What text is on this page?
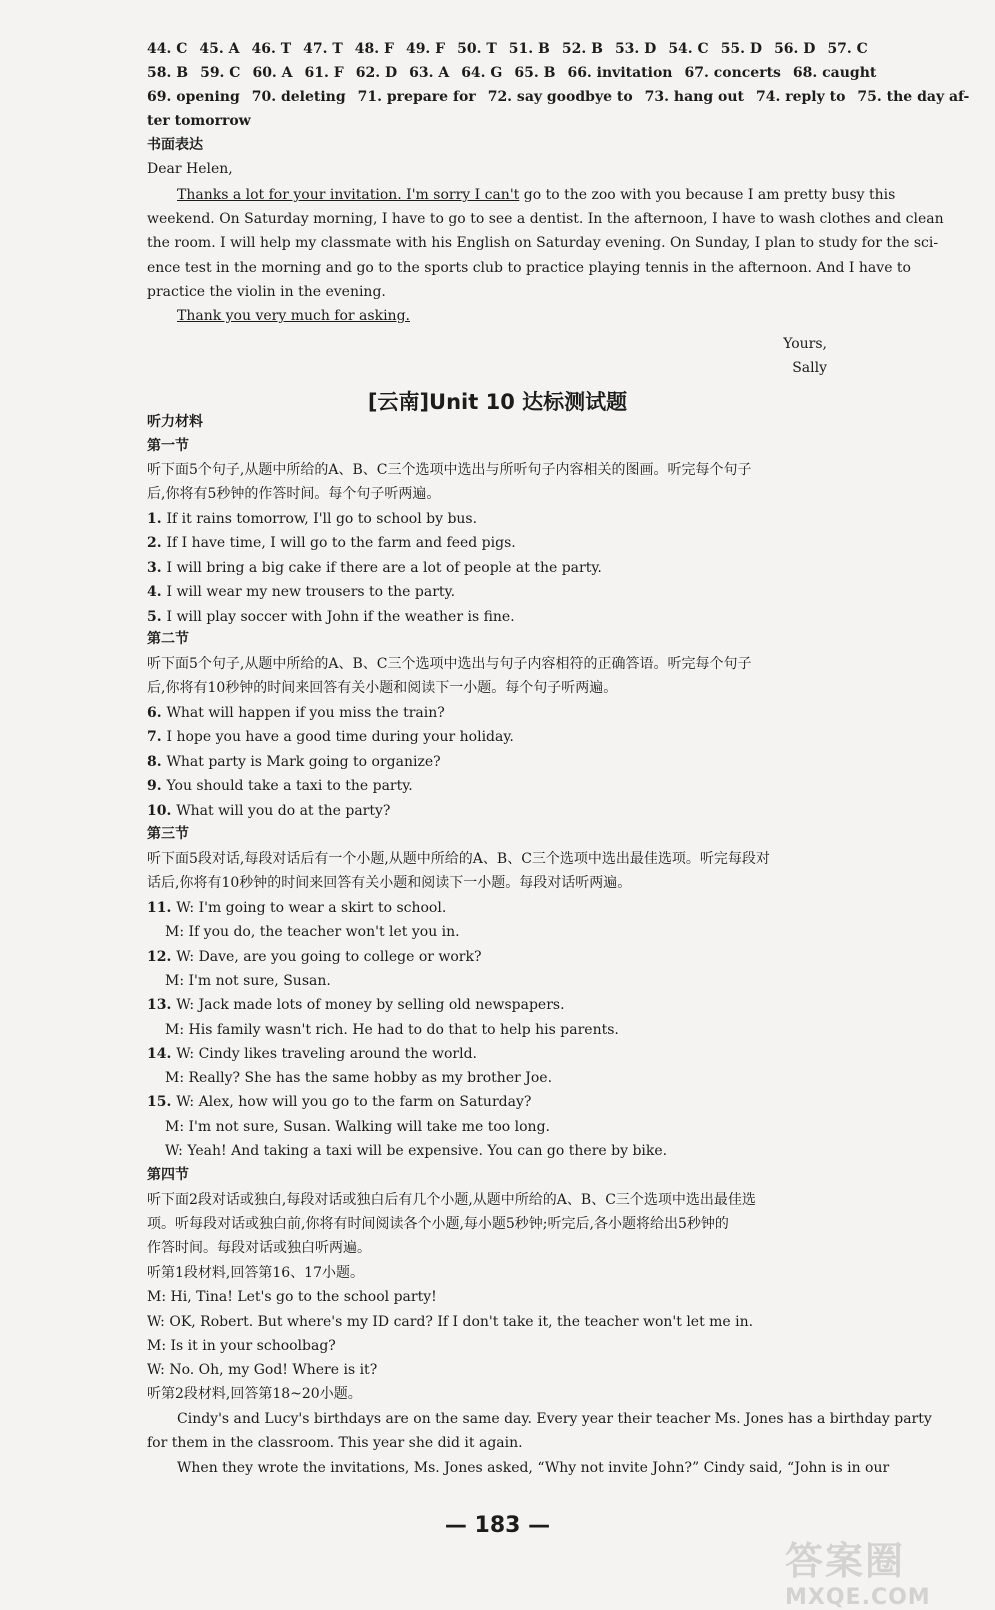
44. C 45. A 46. T 47. T 48. F 49. F 50. T 51. B 52. B 53. D 54. C 55. D 56. D 57. C
58. B 59. C 60. A 61. F 62. D 63. A 64. G 65. B 66. invitation 67. concerts 68. caught
69. opening 70. deleting 71. prepare for 72. say goodbye to 73. hang out 74. reply to 75. the day af-
ter tomorrow
书面表达
Dear Helen,
Thanks a lot for your invitation. I'm sorry I can't go to the zoo with you because I am pretty busy this
weekend. On Saturday morning, I have to go to see a dentist. In the afternoon, I have to wash clothes and clean
the room. I will help my classmate with his English on Saturday evening. On Sunday, I plan to study for the sci-
ence test in the morning and go to the sports club to practice playing tennis in the afternoon. And I have to
practice the violin in the evening.
Thank you very much for asking.
Yours,
Sally
[云南]Unit 10 达标测试题
听力材料
第一节
听下面5个句子,从题中所给的A、B、C三个选项中选出与所听句子内容相关的图画。听完每个句子
后,你将有5秒钟的作答时间。每个句子听两遍。
1. If it rains tomorrow, I'll go to school by bus.
2. If I have time, I will go to the farm and feed pigs.
3. I will bring a big cake if there are a lot of people at the party.
4. I will wear my new trousers to the party.
5. I will play soccer with John if the weather is fine.
第二节
听下面5个句子,从题中所给的A、B、C三个选项中选出与句子内容相符的正确答语。听完每个句子
后,你将有10秒钟的时间来回答有关小题和阅读下一小题。每个句子听两遍。
6. What will happen if you miss the train?
7. I hope you have a good time during your holiday.
8. What party is Mark going to organize?
9. You should take a taxi to the party.
10. What will you do at the party?
第三节
听下面5段对话,每段对话后有一个小题,从题中所给的A、B、C三个选项中选出最佳选项。听完每段对
话后,你将有10秒钟的时间来回答有关小题和阅读下一小题。每段对话听两遍。
11. W: I'm going to wear a skirt to school.
M: If you do, the teacher won't let you in.
12. W: Dave, are you going to college or work?
M: I'm not sure, Susan.
13. W: Jack made lots of money by selling old newspapers.
M: His family wasn't rich. He had to do that to help his parents.
14. W: Cindy likes traveling around the world.
M: Really? She has the same hobby as my brother Joe.
15. W: Alex, how will you go to the farm on Saturday?
M: I'm not sure, Susan. Walking will take me too long.
W: Yeah! And taking a taxi will be expensive. You can go there by bike.
第四节
听下面2段对话或独白,每段对话或独白后有几个小题,从题中所给的A、B、C三个选项中选出最佳选
项。听每段对话或独白前,你将有时间阅读各个小题,每小题5秒钟;听完后,各小题将给出5秒钟的
作答时间。每段对话或独白听两遍。
听第1段材料,回答第16、17小题。
M: Hi, Tina! Let's go to the school party!
W: OK, Robert. But where's my ID card? If I don't take it, the teacher won't let me in.
M: Is it in your schoolbag?
W: No. Oh, my God! Where is it?
听第2段材料,回答第18~20小题。
Cindy's and Lucy's birthdays are on the same day. Every year their teacher Ms. Jones has a birthday party
for them in the classroom. This year she did it again.
When they wrote the invitations, Ms. Jones asked, “Why not invite John?” Cindy said, “John is in our
— 183 —
答案圈
MXQE.COM
